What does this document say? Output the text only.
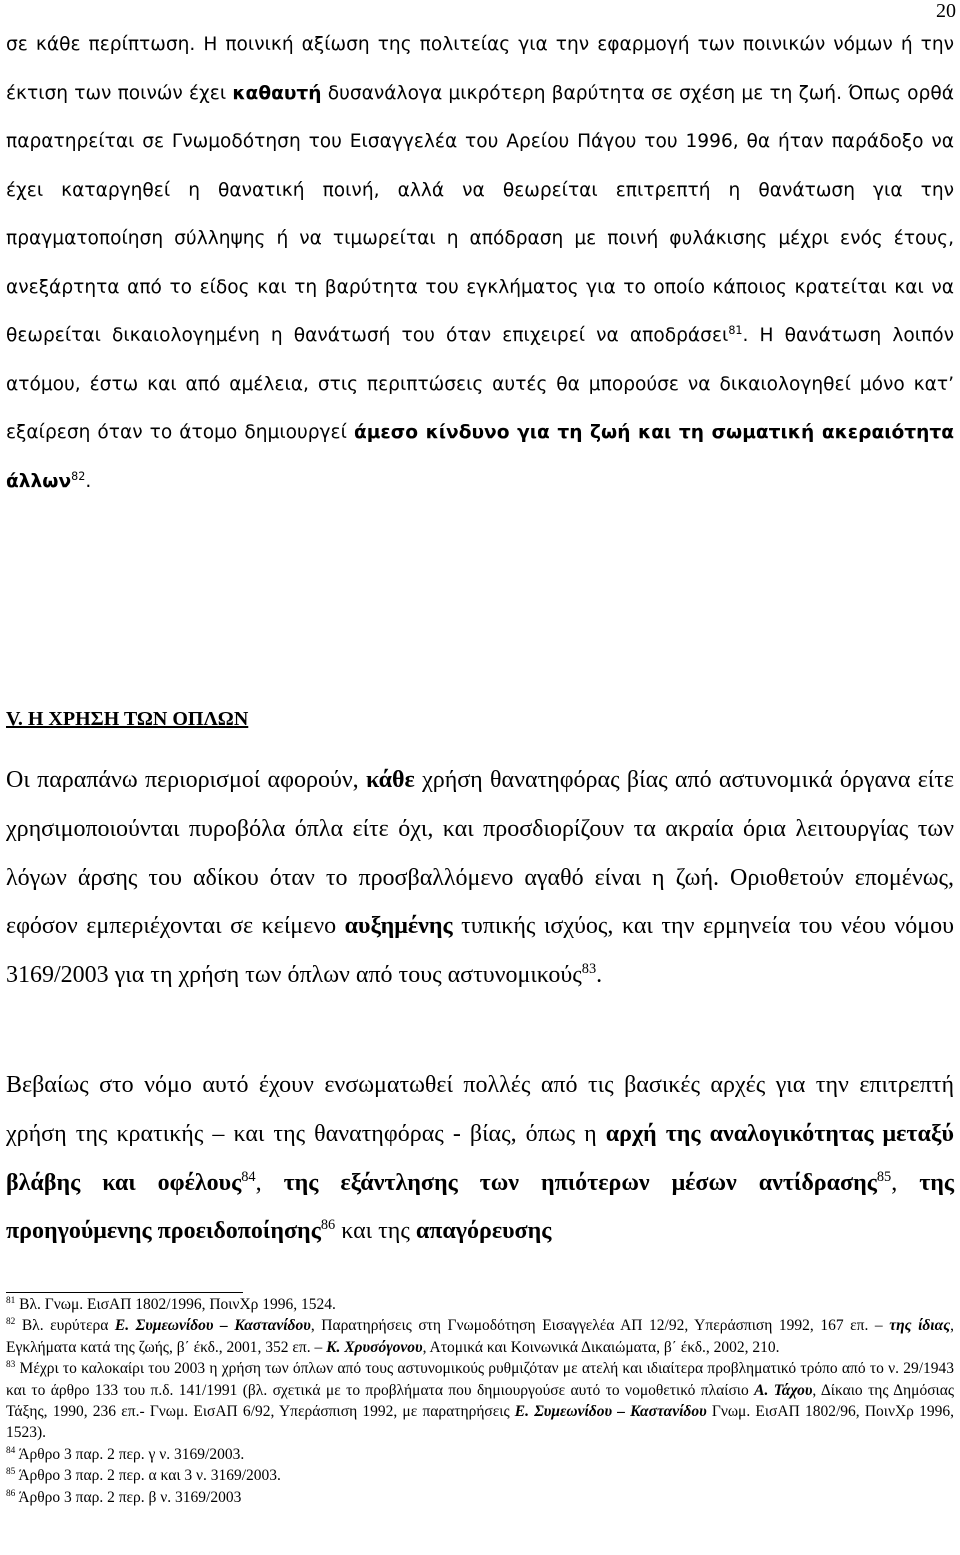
20

σε κάθε περίπτωση. Η ποινική αξίωση της πολιτείας για την εφαρμογή των ποινικών νόμων ή την έκτιση των ποινών έχει καθαυτή δυσανάλογα μικρότερη βαρύτητα σε σχέση με τη ζωή. Όπως ορθά παρατηρείται σε Γνωμοδότηση του Εισαγγελέα του Αρείου Πάγου του 1996, θα ήταν παράδοξο να έχει καταργηθεί η θανατική ποινή, αλλά να θεωρείται επιτρεπτή η θανάτωση για την πραγματοποίηση σύλληψης ή να τιμωρείται η απόδραση με ποινή φυλάκισης μέχρι ενός έτους, ανεξάρτητα από το είδος και τη βαρύτητα του εγκλήματος για το οποίο κάποιος κρατείται και να θεωρείται δικαιολογημένη η θανάτωσή του όταν επιχειρεί να αποδράσει$^{81}$. Η θανάτωση λοιπόν ατόμου, έστω και από αμέλεια, στις περιπτώσεις αυτές θα μπορούσε να δικαιολογηθεί μόνο κατ’ εξαίρεση όταν το άτομο δημιουργεί άμεσο κίνδυνο για τη ζωή και τη σωματική ακεραιότητα άλλων$^{82}$.

V. Η ΧΡΗΣΗ ΤΩΝ ΟΠΛΩΝ

Οι παραπάνω περιορισμοί αφορούν, κάθε χρήση θανατηφόρας βίας από αστυνομικά όργανα είτε χρησιμοποιούνται πυροβόλα όπλα είτε όχι, και προσδιορίζουν τα ακραία όρια λειτουργίας των λόγων άρσης του αδίκου όταν το προσβαλλόμενο αγαθό είναι η ζωή. Οριοθετούν επομένως, εφόσον εμπεριέχονται σε κείμενο αυξημένης τυπικής ισχύος, και την ερμηνεία του νέου νόμου 3169/2003 για τη χρήση των όπλων από τους αστυνομικούς$^{83}$.

Βεβαίως στο νόμο αυτό έχουν ενσωματωθεί πολλές από τις βασικές αρχές για την επιτρεπτή χρήση της κρατικής – και της θανατηφόρας - βίας, όπως η αρχή της αναλογικότητας μεταξύ βλάβης και οφέλους$^{84}$, της εξάντλησης των ηπιότερων μέσων αντίδρασης$^{85}$, της προηγούμενης προειδοποίησης$^{86}$ και της απαγόρευσης

$^{81}$ Βλ. Γνωμ. ΕισΑΠ 1802/1996, ΠοινΧρ 1996, 1524.

$^{82}$ Βλ. ευρύτερα Ε. Συμεωνίδου – Καστανίδου, Παρατηρήσεις στη Γνωμοδότηση Εισαγγελέα ΑΠ 12/92, Υπεράσπιση 1992, 167 επ. – της ίδιας, Εγκλήματα κατά της ζωής, β΄ έκδ., 2001, 352 επ. – Κ. Χρυσόγονου, Ατομικά και Κοινωνικά Δικαιώματα, β΄ έκδ., 2002, 210.

$^{83}$ Μέχρι το καλοκαίρι του 2003 η χρήση των όπλων από τους αστυνομικούς ρυθμιζόταν με ατελή και ιδιαίτερα προβληματικό τρόπο από το ν. 29/1943 και το άρθρο 133 του π.δ. 141/1991 (βλ. σχετικά με το προβλήματα που δημιουργούσε αυτό το νομοθετικό πλαίσιο Α. Τάχου, Δίκαιο της Δημόσιας Τάξης, 1990, 236 επ.- Γνωμ. ΕισΑΠ 6/92, Υπεράσπιση 1992, με παρατηρήσεις Ε. Συμεωνίδου – Καστανίδου Γνωμ. ΕισΑΠ 1802/96, ΠοινΧρ 1996, 1523).

$^{84}$ Άρθρο 3 παρ. 2 περ. γ ν. 3169/2003.

$^{85}$ Άρθρο 3 παρ. 2 περ. α και 3 ν. 3169/2003.

$^{86}$ Άρθρο 3 παρ. 2 περ. β ν. 3169/2003
